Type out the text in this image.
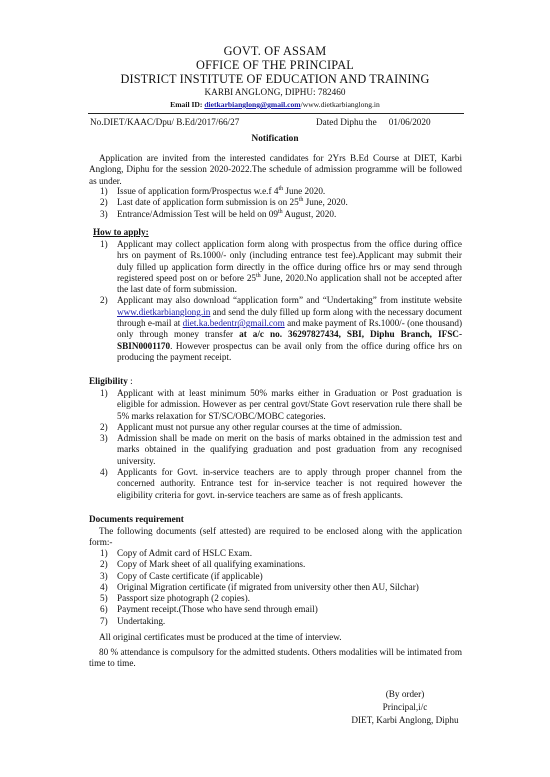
GOVT. OF ASSAM
OFFICE OF THE PRINCIPAL
DISTRICT INSTITUTE OF EDUCATION AND TRAINING
KARBI ANGLONG, DIPHU: 782460
Email ID: dietkarbianglong@gmail.com/www.dietkarbianglong.in
No.DIET/KAAC/Dpu/ B.Ed/2017/66/27	Dated Diphu the 01/06/2020
Notification

Application are invited from the interested candidates for 2Yrs B.Ed Course at DIET, Karbi Anglong, Diphu for the session 2020-2022.The schedule of admission programme will be followed as under.

1) Issue of application form/Prospectus w.e.f 4th June 2020.
2) Last date of application form submission is on 25th June, 2020.
3) Entrance/Admission Test will be held on 09th August, 2020.
How to apply:
1) Applicant may collect application form along with prospectus from the office during office hrs on payment of Rs.1000/- only (including entrance test fee).Applicant may submit their duly filled up application form directly in the office during office hrs or may send through registered speed post on or before 25th June, 2020.No application shall not be accepted after the last date of form submission.
2) Applicant may also download “application form” and “Undertaking” from institute website www.dietkarbianglong.in and send the duly filled up form along with the necessary document through e-mail at diet.ka.bedentr@gmail.com and make payment of Rs.1000/- (one thousand) only through money transfer at a/c no. 36297827434, SBI, Diphu Branch, IFSC- SBIN0001170. However prospectus can be avail only from the office during office hrs on producing the payment receipt.
Eligibility :
1) Applicant with at least minimum 50% marks either in Graduation or Post graduation is eligible for admission. However as per central govt/State Govt reservation rule there shall be 5% marks relaxation for ST/SC/OBC/MOBC categories.
2) Applicant must not pursue any other regular courses at the time of admission.
3) Admission shall be made on merit on the basis of marks obtained in the admission test and marks obtained in the qualifying graduation and post graduation from any recognised university.
4) Applicants for Govt. in-service teachers are to apply through proper channel from the concerned authority. Entrance test for in-service teacher is not required however the eligibility criteria for govt. in-service teachers are same as of fresh applicants.
Documents requirement

The following documents (self attested) are required to be enclosed along with the application form:-

1) Copy of Admit card of HSLC Exam.
2) Copy of Mark sheet of all qualifying examinations.
3) Copy of Caste certificate (if applicable)
4) Original Migration certificate (if migrated from university other then AU, Silchar)
5) Passport size photograph (2 copies).
6) Payment receipt.(Those who have send through email)
7) Undertaking.

All original certificates must be produced at the time of interview.

80 % attendance is compulsory for the admitted students. Others modalities will be intimated from time to time.

(By order)
Principal,i/c
DIET, Karbi Anglong, Diphu
